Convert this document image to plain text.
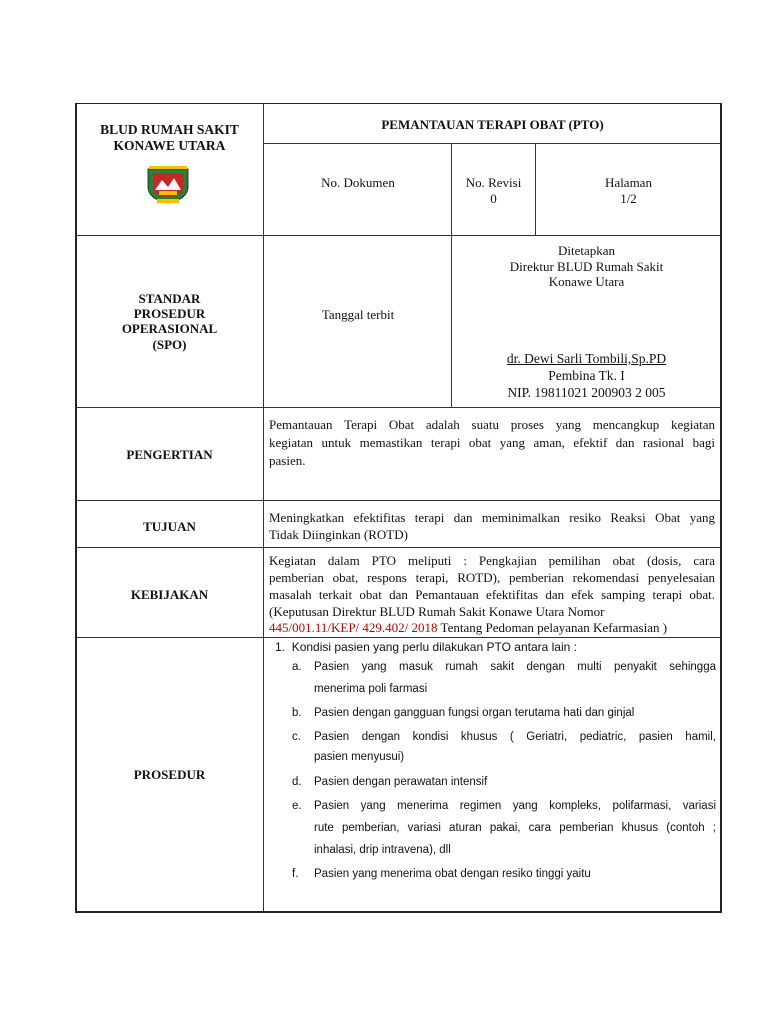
BLUD RUMAH SAKIT
KONAWE UTARA
PEMANTAUAN TERAPI OBAT (PTO)
No. Dokumen	No. Revisi
0
Halaman
1/2
STANDAR
PROSEDUR
OPERASIONAL
(SPO)
Tanggal terbit
Ditetapkan
Direktur BLUD Rumah Sakit
Konawe Utara
dr. Dewi Sarli Tombili,Sp.PD
Pembina Tk. I
NIP. 19811021 200903 2 005
PENGERTIAN
Pemantauan Terapi Obat adalah suatu proses yang mencangkup kegiatan
kegiatan untuk memastikan terapi obat yang aman, efektif dan rasional bagi
pasien.
TUJUAN
Meningkatkan efektifitas terapi dan meminimalkan resiko Reaksi Obat yang
Tidak Diinginkan (ROTD)
KEBIJAKAN
Kegiatan dalam PTO meliputi : Pengkajian pemilihan obat (dosis, cara
pemberian obat, respons terapi, ROTD), pemberian rekomendasi penyelesaian
masalah terkait obat dan Pemantauan efektifitas dan efek samping terapi obat.
(Keputusan Direktur BLUD Rumah Sakit Konawe Utara Nomor
445/001.11/KEP/ 429.402/ 2018 Tentang Pedoman pelayanan Kefarmasian )
PROSEDUR
1. Kondisi pasien yang perlu dilakukan PTO antara lain :
a. Pasien yang masuk rumah sakit dengan multi penyakit sehingga
menerima poli farmasi
b. Pasien dengan gangguan fungsi organ terutama hati dan ginjal
c. Pasien dengan kondisi khusus ( Geriatri, pediatric, pasien hamil,
pasien menyusui)
d. Pasien dengan perawatan intensif
e. Pasien yang menerima regimen yang kompleks, polifarmasi, variasi
rute pemberian, variasi aturan pakai, cara pemberian khusus (contoh ;
inhalasi, drip intravena), dll
f. Pasien yang menerima obat dengan resiko tinggi yaitu
